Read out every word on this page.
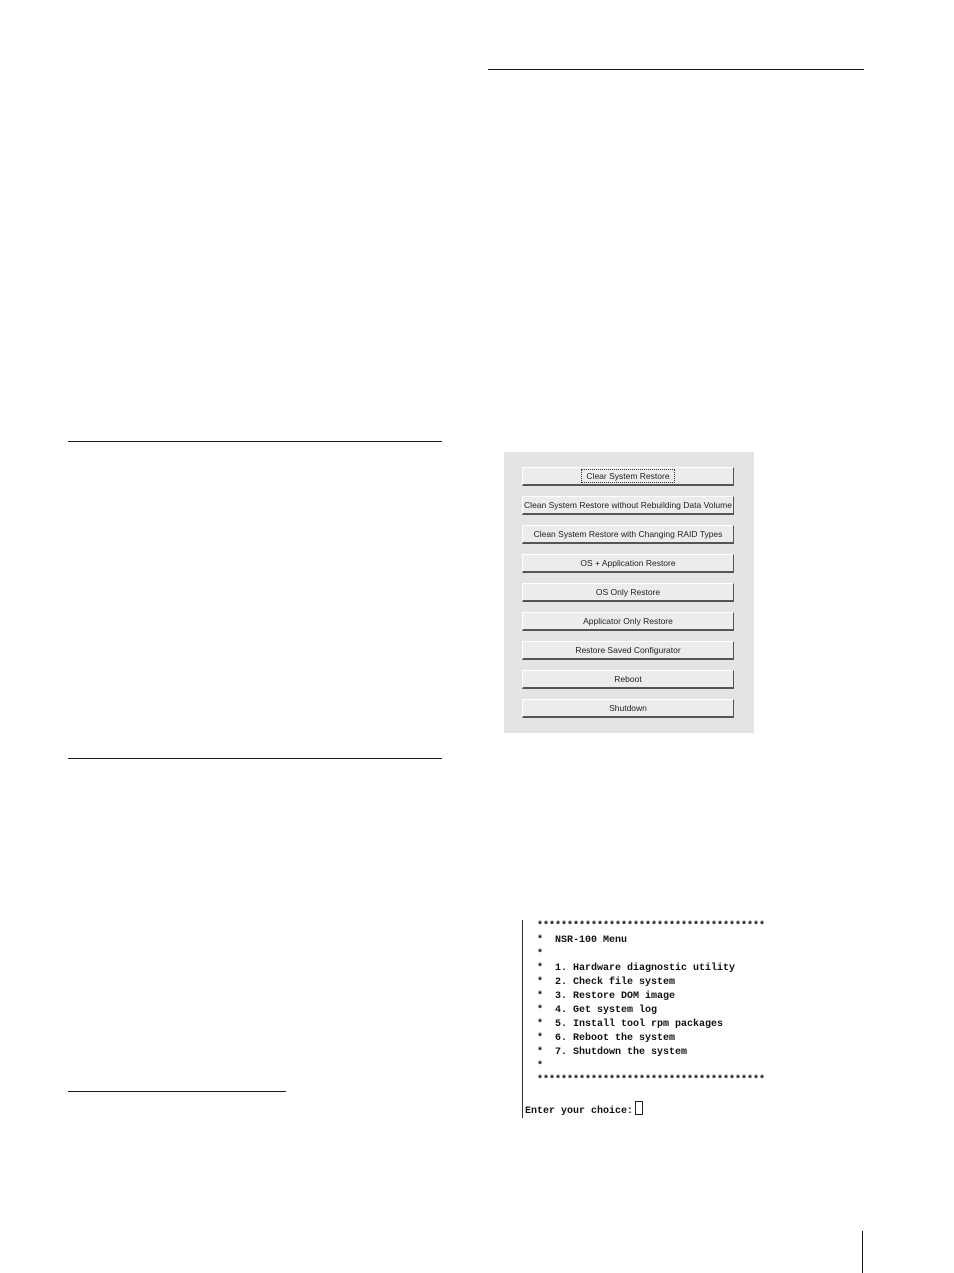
Clear System Restore
Clean System Restore without Rebuilding Data Volume
Clean System Restore with Changing RAID Types
OS + Application Restore
OS Only Restore
Applicator Only Restore
Restore Saved Configurator
Reboot
Shutdown
**************************************
*  NSR-100 Menu
*
*  1. Hardware diagnostic utility
*  2. Check file system
*  3. Restore DOM image
*  4. Get system log
*  5. Install tool rpm packages
*  6. Reboot the system
*  7. Shutdown the system
*
**************************************
Enter your choice:
